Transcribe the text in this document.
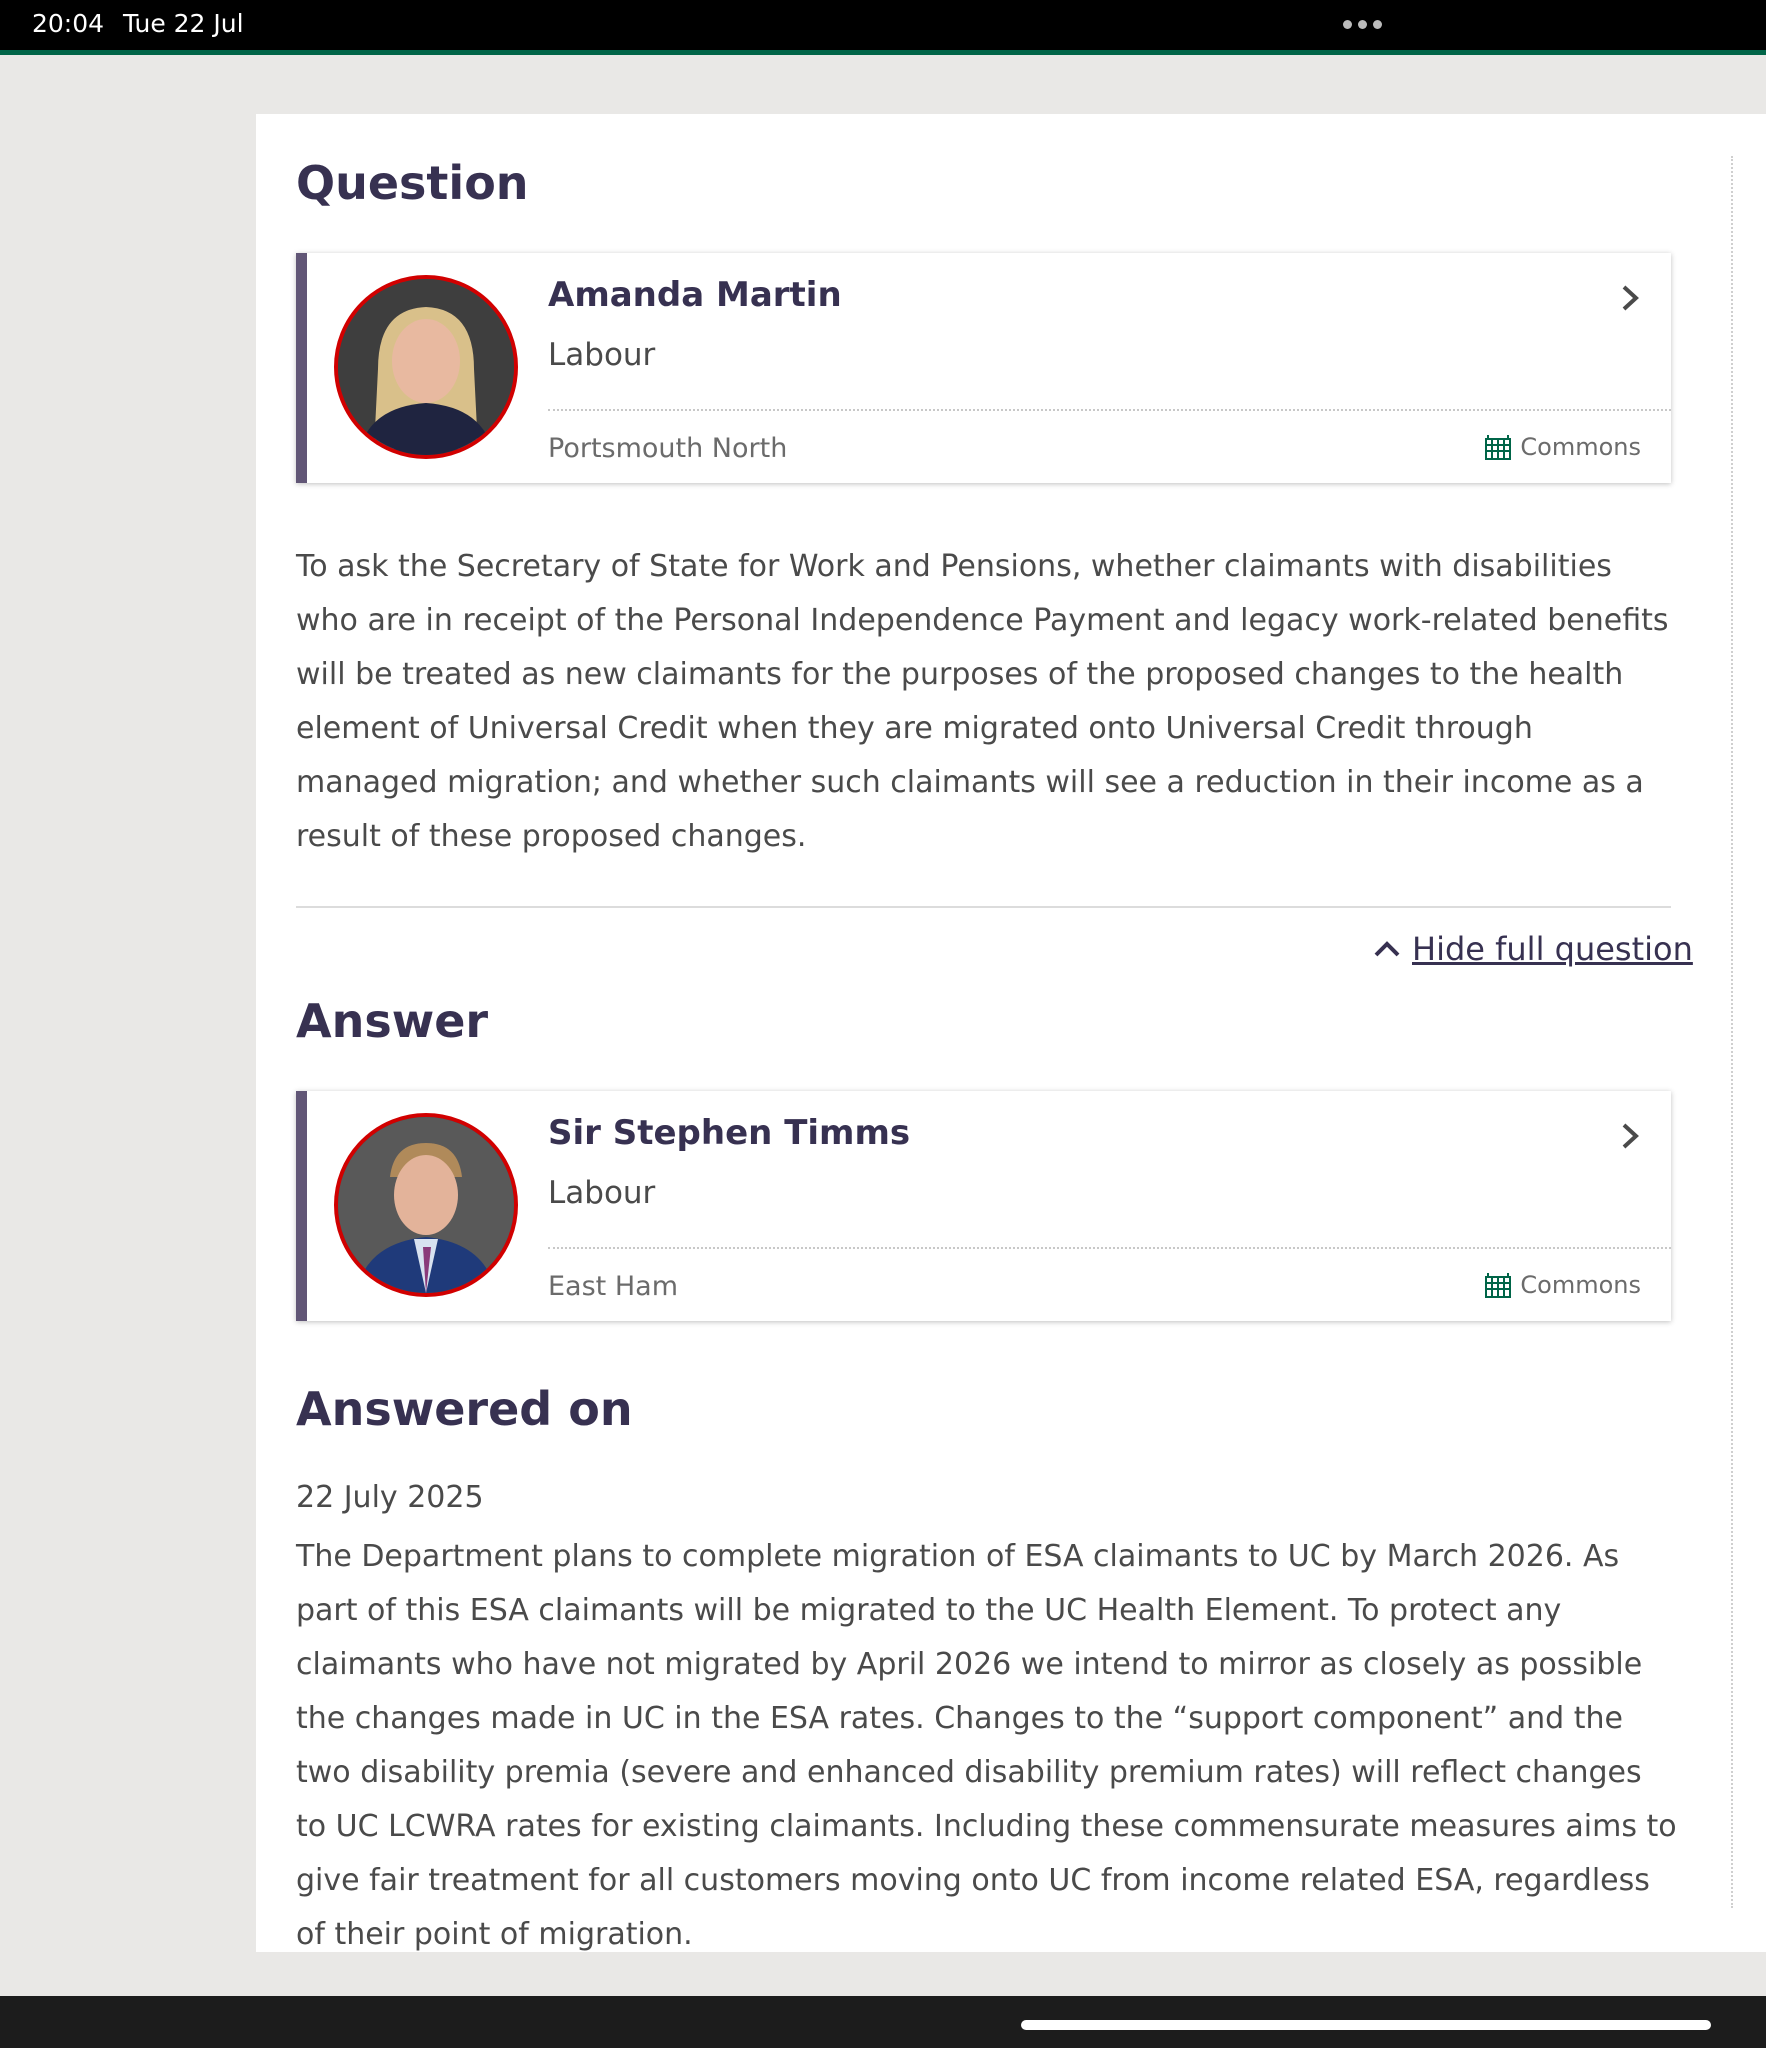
20:04 Tue 22 Jul
Question
Amanda Martin
Labour
Portsmouth North	Commons

To ask the Secretary of State for Work and Pensions, whether claimants with disabilities who are in receipt of the Personal Independence Payment and legacy work-related benefits will be treated as new claimants for the purposes of the proposed changes to the health element of Universal Credit when they are migrated onto Universal Credit through managed migration; and whether such claimants will see a reduction in their income as a result of these proposed changes.

Hide full question
Answer
Sir Stephen Timms
Labour
East Ham	Commons
Answered on
22 July 2025

The Department plans to complete migration of ESA claimants to UC by March 2026. As part of this ESA claimants will be migrated to the UC Health Element. To protect any claimants who have not migrated by April 2026 we intend to mirror as closely as possible the changes made in UC in the ESA rates. Changes to the “support component” and the two disability premia (severe and enhanced disability premium rates) will reflect changes to UC LCWRA rates for existing claimants. Including these commensurate measures aims to give fair treatment for all customers moving onto UC from income related ESA, regardless of their point of migration.
